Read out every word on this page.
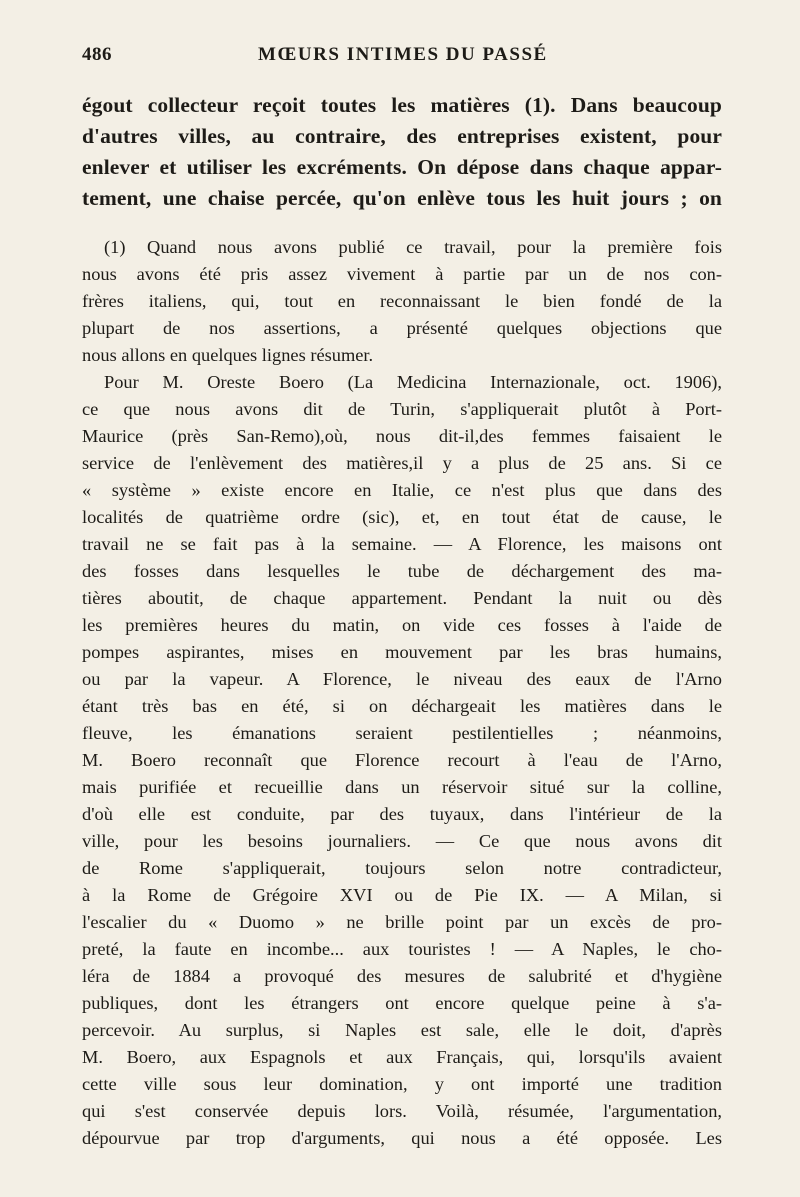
486	MŒURS INTIMES DU PASSÉ
égout collecteur reçoit toutes les matières (1). Dans beaucoup
d'autres villes, au contraire, des entreprises existent, pour
enlever et utiliser les excréments. On dépose dans chaque appar-
tement, une chaise percée, qu'on enlève tous les huit jours ; on
(1) Quand nous avons publié ce travail, pour la première fois
nous avons été pris assez vivement à partie par un de nos con-
frères italiens, qui, tout en reconnaissant le bien fondé de la
plupart de nos assertions, a présenté quelques objections que
nous allons en quelques lignes résumer.
Pour M. Oreste Boero (La Medicina Internazionale, oct. 1906),
ce que nous avons dit de Turin, s'appliquerait plutôt à Port-
Maurice (près San-Remo),où, nous dit-il,des femmes faisaient le
service de l'enlèvement des matières,il y a plus de 25 ans. Si ce
« système » existe encore en Italie, ce n'est plus que dans des
localités de quatrième ordre (sic), et, en tout état de cause, le
travail ne se fait pas à la semaine. — A Florence, les maisons ont
des fosses dans lesquelles le tube de déchargement des ma-
tières aboutit, de chaque appartement. Pendant la nuit ou dès
les premières heures du matin, on vide ces fosses à l'aide de
pompes aspirantes, mises en mouvement par les bras humains,
ou par la vapeur. A Florence, le niveau des eaux de l'Arno
étant très bas en été, si on déchargeait les matières dans le
fleuve, les émanations seraient pestilentielles ; néanmoins,
M. Boero reconnaît que Florence recourt à l'eau de l'Arno,
mais purifiée et recueillie dans un réservoir situé sur la colline,
d'où elle est conduite, par des tuyaux, dans l'intérieur de la
ville, pour les besoins journaliers. — Ce que nous avons dit
de Rome s'appliquerait, toujours selon notre contradicteur,
à la Rome de Grégoire XVI ou de Pie IX. — A Milan, si
l'escalier du « Duomo » ne brille point par un excès de pro-
preté, la faute en incombe... aux touristes ! — A Naples, le cho-
léra de 1884 a provoqué des mesures de salubrité et d'hygiène
publiques, dont les étrangers ont encore quelque peine à s'a-
percevoir. Au surplus, si Naples est sale, elle le doit, d'après
M. Boero, aux Espagnols et aux Français, qui, lorsqu'ils avaient
cette ville sous leur domination, y ont importé une tradition
qui s'est conservée depuis lors. Voilà, résumée, l'argumentation,
dépourvue par trop d'arguments, qui nous a été opposée. Les
